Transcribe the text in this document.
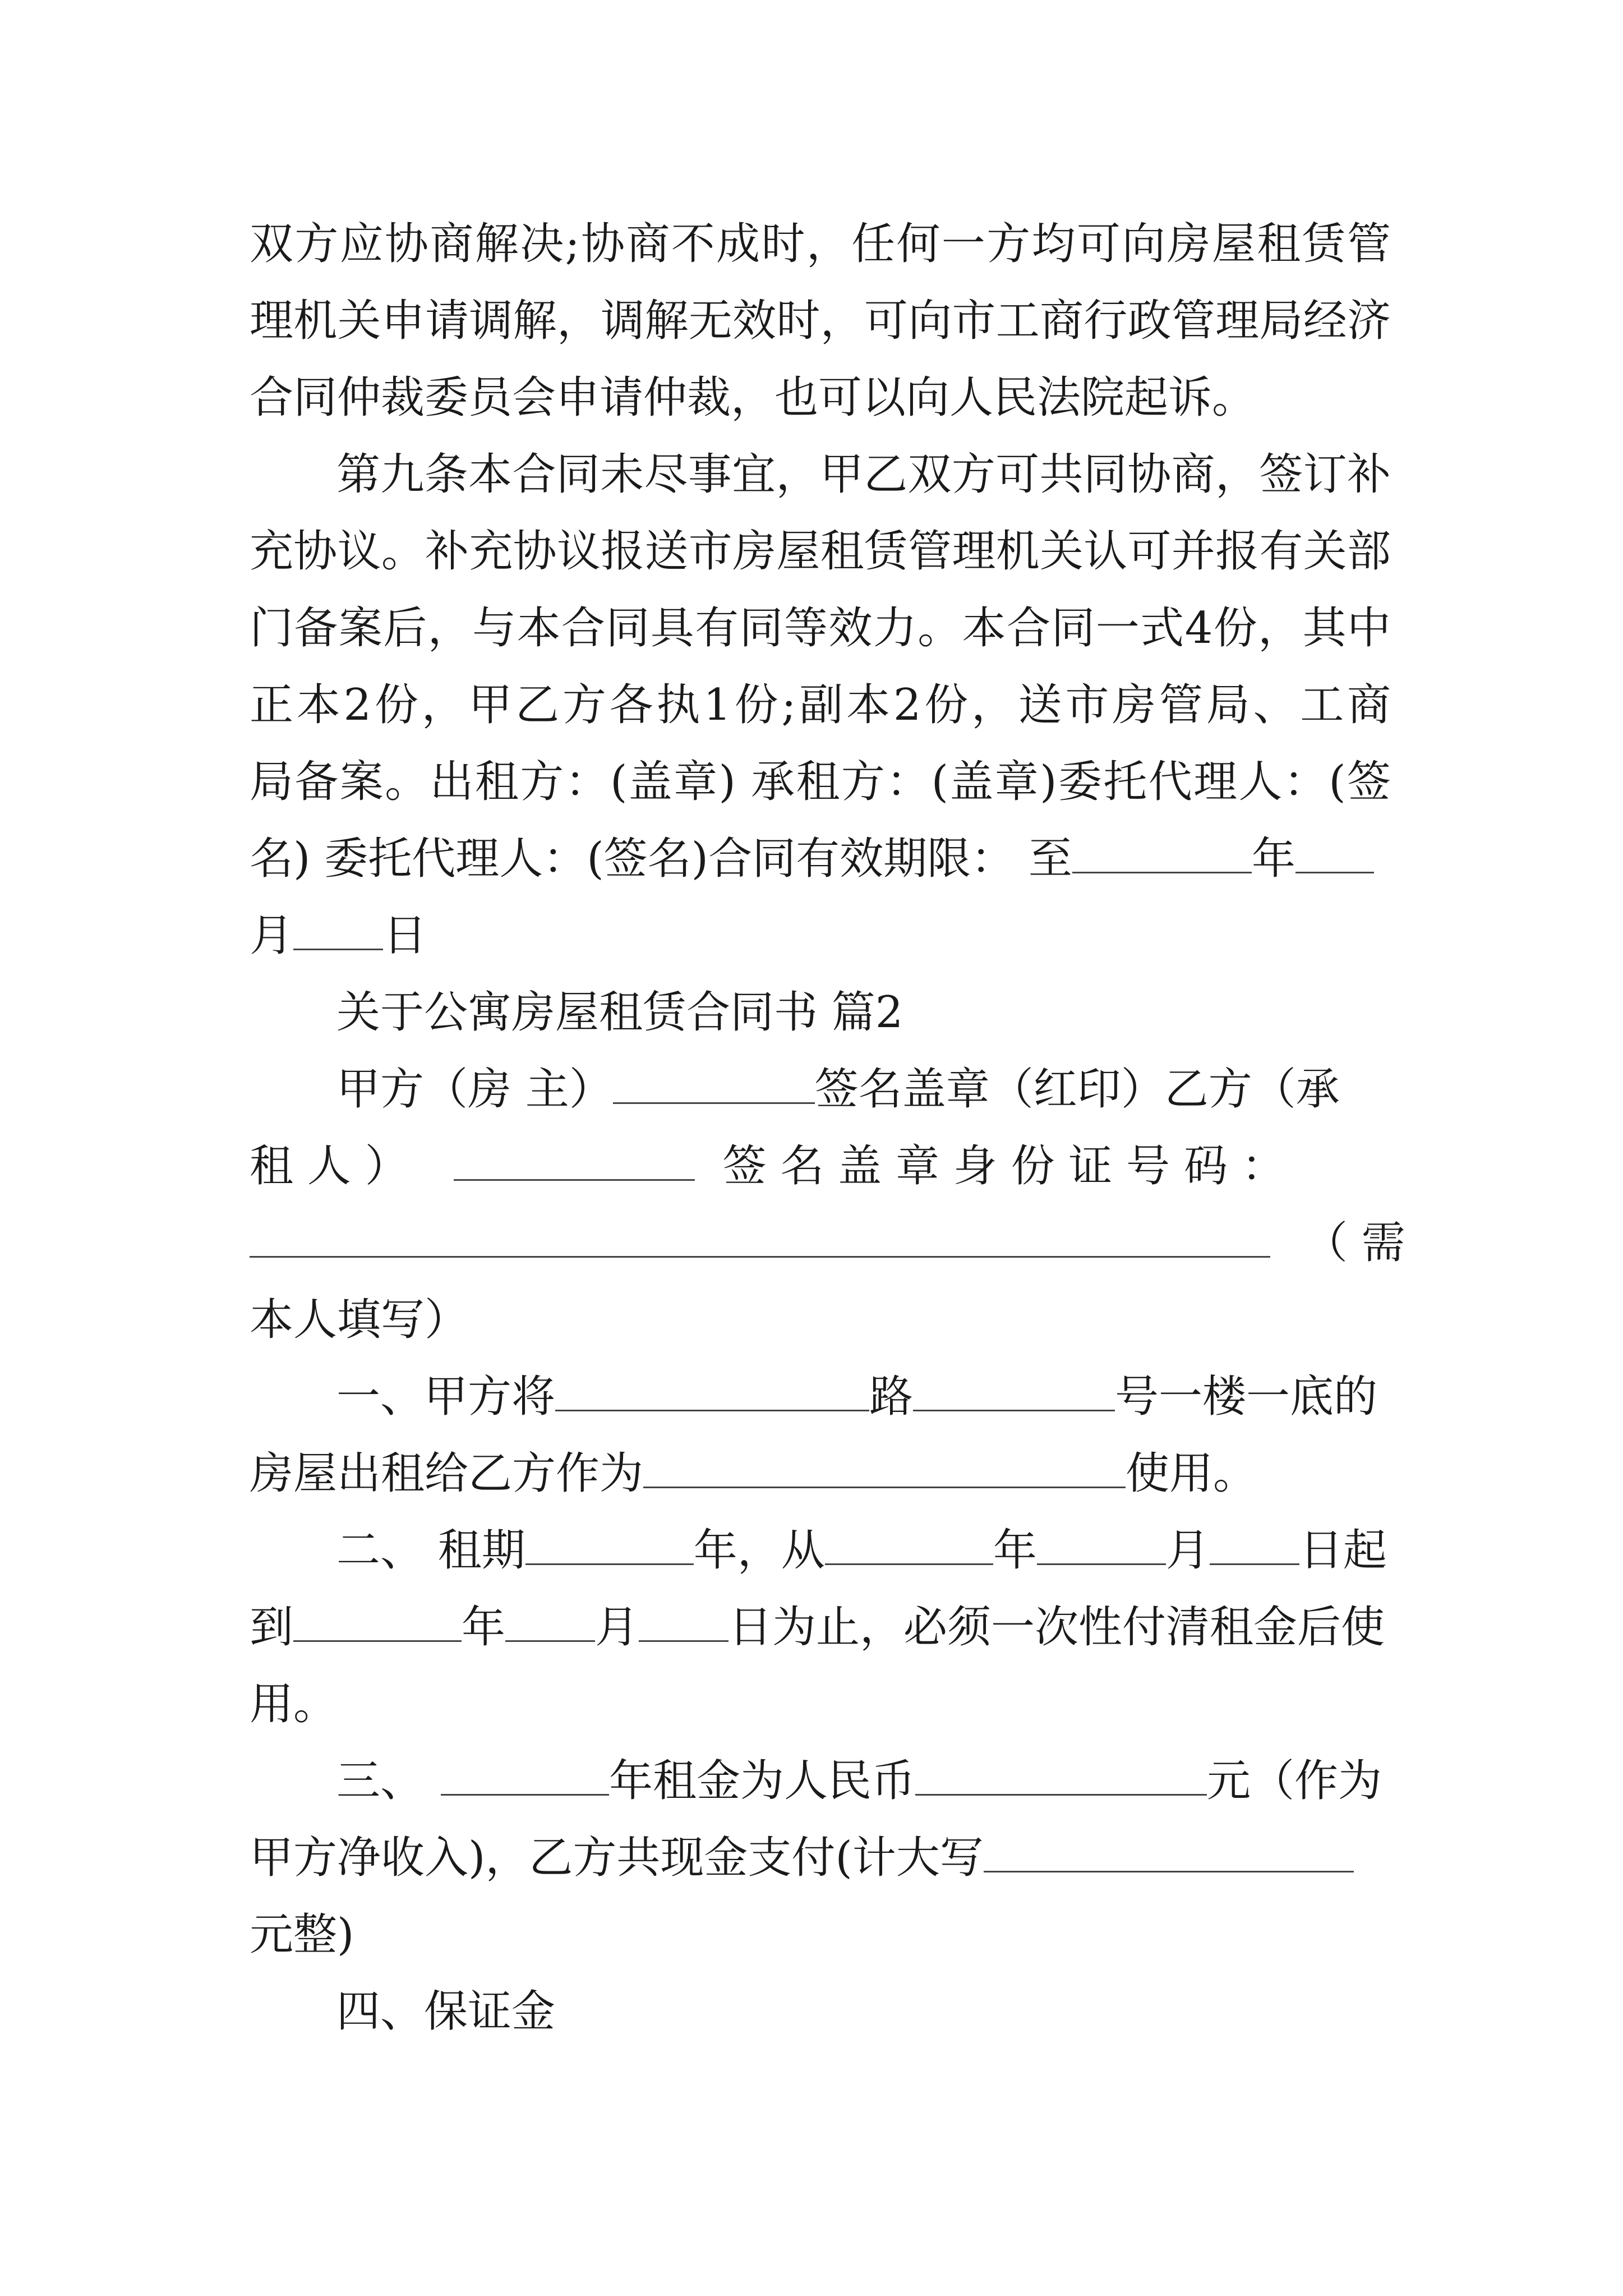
双方应协商解决;协商不成时，任何一方均可向房屋租赁管
理机关申请调解，调解无效时，可向市工商行政管理局经济
合同仲裁委员会申请仲裁，也可以向人民法院起诉。
第九条本合同未尽事宜，甲乙双方可共同协商，签订补
充协议。补充协议报送市房屋租赁管理机关认可并报有关部
门备案后，与本合同具有同等效力。本合同一式4份，其中
正本2份，甲乙方各执1份;副本2份，送市房管局、工商
局备案。出租方：(盖章) 承租方：(盖章)委托代理人：(签
名) 委托代理人：(签名)合同有效期限： 至	年
月 日
关于公寓房屋租赁合同书 篇2
甲方（房 主）	签名盖章（红印）乙方（承
租 人 ）	签 名 盖 章 身 份 证 号 码 ：
（ 需
本人填写）
一、甲方将	路	号一楼一底的
房屋出租给乙方作为	使用。
二、 租期	年，从	年	月 日起
到	年 月 日为止，必须一次性付清租金后使
用。
三、	年租金为人民币	元（作为
甲方净收入)，乙方共现金支付(计大写
元整)
四、保证金
